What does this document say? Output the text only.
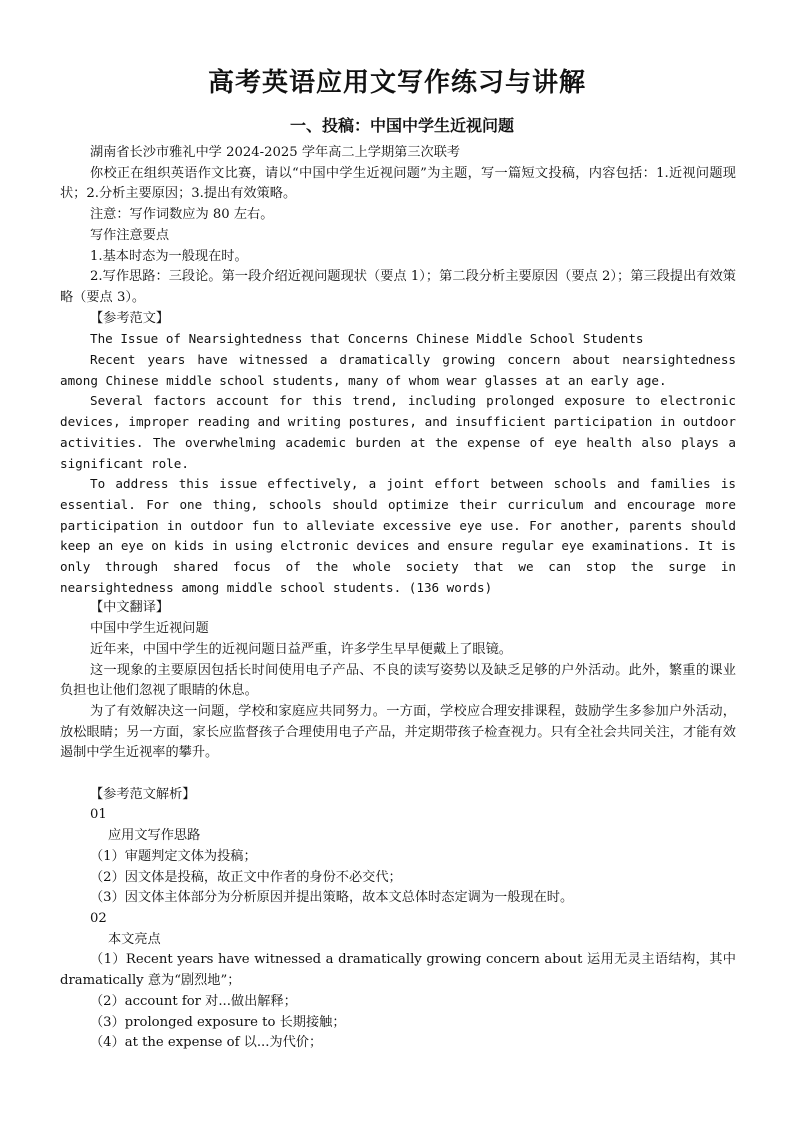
高考英语应用文写作练习与讲解
一、投稿：中国中学生近视问题

湖南省长沙市雅礼中学 2024-2025 学年高二上学期第三次联考

你校正在组织英语作文比赛，请以“中国中学生近视问题”为主题，写一篇短文投稿，内容包括：1.近视问题现状；2.分析主要原因；3.提出有效策略。

注意：写作词数应为 80 左右。

写作注意要点

1.基本时态为一般现在时。

2.写作思路：三段论。第一段介绍近视问题现状（要点 1）；第二段分析主要原因（要点 2）；第三段提出有效策略（要点 3）。

【参考范文】

The Issue of Nearsightedness that Concerns Chinese Middle School Students

Recent years have witnessed a dramatically growing concern about nearsightedness among Chinese middle school students, many of whom wear glasses at an early age.

Several factors account for this trend, including prolonged exposure to electronic devices, improper reading and writing postures, and insufficient participation in outdoor activities. The overwhelming academic burden at the expense of eye health also plays a significant role.

To address this issue effectively, a joint effort between schools and families is essential. For one thing, schools should optimize their curriculum and encourage more participation in outdoor fun to alleviate excessive eye use. For another, parents should keep an eye on kids in using elctronic devices and ensure regular eye examinations. It is only through shared focus of the whole society that we can stop the surge in nearsightedness among middle school students. (136 words)

【中文翻译】

中国中学生近视问题

近年来，中国中学生的近视问题日益严重，许多学生早早便戴上了眼镜。

这一现象的主要原因包括长时间使用电子产品、不良的读写姿势以及缺乏足够的户外活动。此外，繁重的课业负担也让他们忽视了眼睛的休息。

为了有效解决这一问题，学校和家庭应共同努力。一方面，学校应合理安排课程，鼓励学生多参加户外活动，放松眼睛；另一方面，家长应监督孩子合理使用电子产品，并定期带孩子检查视力。只有全社会共同关注，才能有效遏制中学生近视率的攀升。

【参考范文解析】

01

应用文写作思路

（1）审题判定文体为投稿；

（2）因文体是投稿，故正文中作者的身份不必交代；

（3）因文体主体部分为分析原因并提出策略，故本文总体时态定调为一般现在时。

02

本文亮点

（1）Recent years have witnessed a dramatically growing concern about 运用无灵主语结构，其中 dramatically 意为“剧烈地”；

（2）account for 对...做出解释；

（3）prolonged exposure to 长期接触；

（4）at the expense of 以...为代价；
